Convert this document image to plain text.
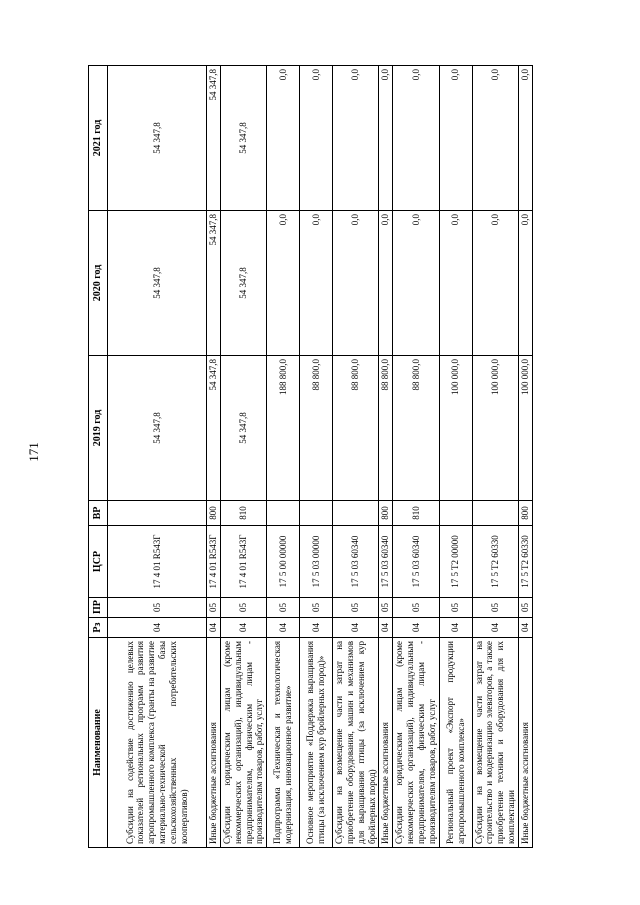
171
Наименование	Рз	ПР	ЦСР	ВР	2019 год	2020 год	2021 год
Субсидии на содействие достижению целевых показателей региональных программ развития агропромышленного комплекса (гранты на развитие материально-технической базы сельскохозяйственных потребительских кооперативов)	04	05	17 4 01 R543Г		54 347,8	54 347,8	54 347,8
Иные бюджетные ассигнования	04	05	17 4 01 R543Г	800	54 347,8	54 347,8	54 347,8
Субсидии юридическим лицам (кроме некоммерческих организаций), индивидуальным предпринимателям, физическим лицам - производителям товаров, работ, услуг	04	05	17 4 01 R543Г	810	54 347,8	54 347,8	54 347,8
Подпрограмма «Техническая и технологическая модернизация, инновационное развитие»	04	05	17 5 00 00000		188 800,0	0,0	0,0
Основное мероприятие «Поддержка выращивания птицы (за исключением кур бройлерных пород)»	04	05	17 5 03 00000		88 800,0	0,0	0,0
Субсидии на возмещение части затрат на приобретение оборудования, машин и механизмов для выращивания птицы (за исключением кур бройлерных пород)	04	05	17 5 03 60340		88 800,0	0,0	0,0
Иные бюджетные ассигнования	04	05	17 5 03 60340	800	88 800,0	0,0	0,0
Субсидии юридическим лицам (кроме некоммерческих организаций), индивидуальным предпринимателям, физическим лицам - производителям товаров, работ, услуг	04	05	17 5 03 60340	810	88 800,0	0,0	0,0
Региональный проект «Экспорт продукции агропромышленного комплекса»	04	05	17 5 T2 00000		100 000,0	0,0	0,0
Субсидии на возмещение части затрат на строительство и модернизацию элеваторов, а также приобретение техники и оборудования для их комплектации	04	05	17 5 T2 60330		100 000,0	0,0	0,0
Иные бюджетные ассигнования	04	05	17 5 T2 60330	800	100 000,0	0,0	0,0
